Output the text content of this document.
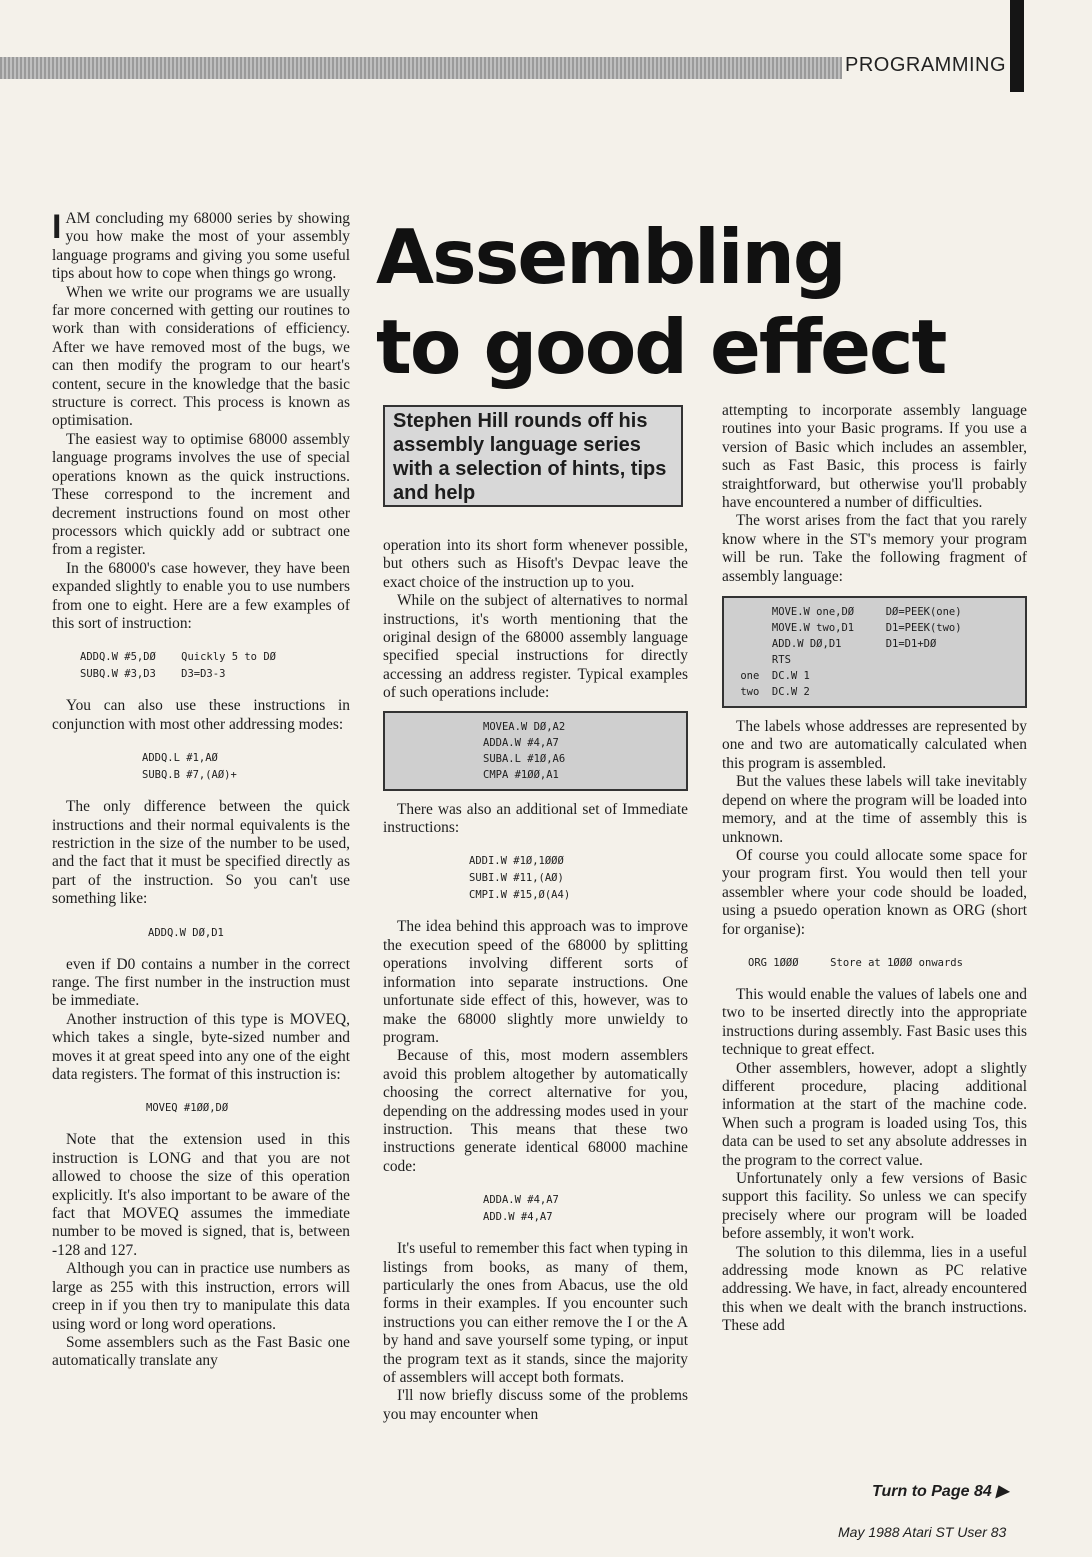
PROGRAMMING
Assembling
to good effect
Stephen Hill rounds off his assembly language series with a selection of hints, tips and help

IAM concluding my 68000 series by showing you how make the most of your assembly language programs and giving you some useful tips about how to cope when things go wrong.

When we write our programs we are usually far more concerned with getting our routines to work than with considerations of efficiency. After we have removed most of the bugs, we can then modify the program to our heart's content, secure in the knowledge that the basic structure is correct. This process is known as optimisation.

The easiest way to optimise 68000 assembly language programs involves the use of special operations known as the quick instructions. These correspond to the increment and decrement instructions found on most other processors which quickly add or subtract one from a register.

In the 68000's case however, they have been expanded slightly to enable you to use numbers from one to eight. Here are a few examples of this sort of instruction:

ADDQ.W #5,DØ    Quickly 5 to DØ
SUBQ.W #3,D3    D3=D3-3

You can also use these instructions in conjunction with most other addressing modes:

ADDQ.L #1,AØ
SUBQ.B #7,(AØ)+

The only difference between the quick instructions and their normal equivalents is the restriction in the size of the number to be used, and the fact that it must be specified directly as part of the instruction. So you can't use something like:

ADDQ.W DØ,D1

even if D0 contains a number in the correct range. The first number in the instruction must be immediate.

Another instruction of this type is MOVEQ, which takes a single, byte-sized number and moves it at great speed into any one of the eight data registers. The format of this instruction is:

MOVEQ #1ØØ,DØ

Note that the extension used in this instruction is LONG and that you are not allowed to choose the size of this operation explicitly. It's also important to be aware of the fact that MOVEQ assumes the immediate number to be moved is signed, that is, between -128 and 127.

Although you can in practice use numbers as large as 255 with this instruction, errors will creep in if you then try to manipulate this data using word or long word operations.

Some assemblers such as the Fast Basic one automatically translate any

operation into its short form whenever possible, but others such as Hisoft's Devpac leave the exact choice of the instruction up to you.

While on the subject of alternatives to normal instructions, it's worth mentioning that the original design of the 68000 assembly language specified special instructions for directly accessing an address register. Typical examples of such operations include:

MOVEA.W DØ,A2
ADDA.W #4,A7
SUBA.L #1Ø,A6
CMPA #1ØØ,A1

There was also an additional set of Immediate instructions:

ADDI.W #1Ø,1ØØØ
SUBI.W #11,(AØ)
CMPI.W #15,Ø(A4)

The idea behind this approach was to improve the execution speed of the 68000 by splitting operations involving different sorts of information into separate instructions. One unfortunate side effect of this, however, was to make the 68000 slightly more unwieldy to program.

Because of this, most modern assemblers avoid this problem altogether by automatically choosing the correct alternative for you, depending on the addressing modes used in your instruction. This means that these two instructions generate identical 68000 machine code:

ADDA.W #4,A7
ADD.W #4,A7

It's useful to remember this fact when typing in listings from books, as many of them, particularly the ones from Abacus, use the old forms in their examples. If you encounter such instructions you can either remove the I or the A by hand and save yourself some typing, or input the program text as it stands, since the majority of assemblers will accept both formats.

I'll now briefly discuss some of the problems you may encounter when

attempting to incorporate assembly language routines into your Basic programs. If you use a version of Basic which includes an assembler, such as Fast Basic, this process is fairly straightforward, but otherwise you'll probably have encountered a number of difficulties.

The worst arises from the fact that you rarely know where in the ST's memory your program will be run. Take the following fragment of assembly language:

MOVE.W one,DØ     DØ=PEEK(one)
MOVE.W two,D1     D1=PEEK(two)
ADD.W DØ,D1       D1=D1+DØ
RTS
one  DC.W 1
two  DC.W 2

The labels whose addresses are represented by one and two are automatically calculated when this program is assembled.

But the values these labels will take inevitably depend on where the program will be loaded into memory, and at the time of assembly this is unknown.

Of course you could allocate some space for your program first. You would then tell your assembler where your code should be loaded, using a psuedo operation known as ORG (short for organise):

ORG 1ØØØ     Store at 1ØØØ onwards

This would enable the values of labels one and two to be inserted directly into the appropriate instructions during assembly. Fast Basic uses this technique to great effect.

Other assemblers, however, adopt a slightly different procedure, placing additional information at the start of the machine code. When such a program is loaded using Tos, this data can be used to set any absolute addresses in the program to the correct value.

Unfortunately only a few versions of Basic support this facility. So unless we can specify precisely where our program will be loaded before assembly, it won't work.

The solution to this dilemma, lies in a useful addressing mode known as PC relative addressing. We have, in fact, already encountered this when we dealt with the branch instructions. These add

Turn to Page 84 ▶
May 1988 Atari ST User 83
